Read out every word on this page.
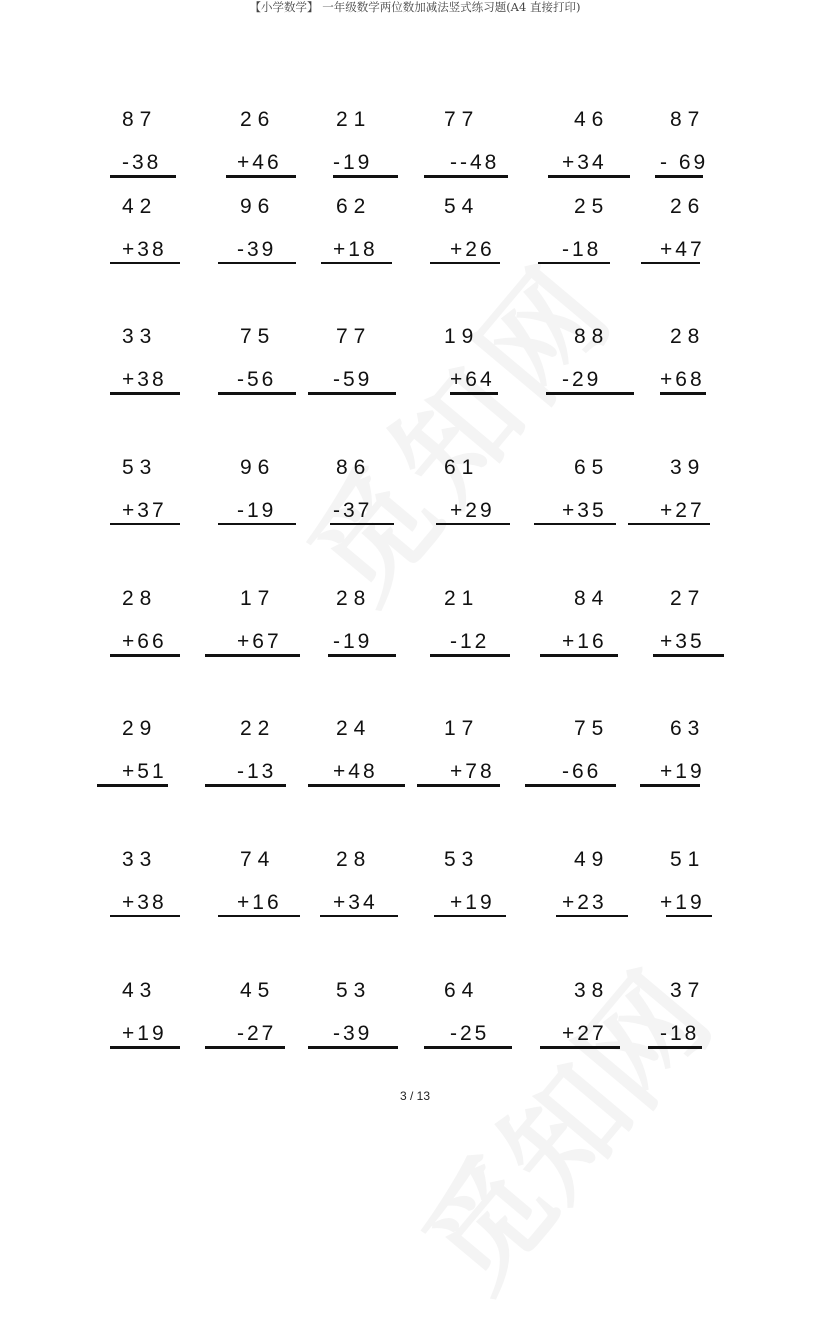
【小学数学】 一年级数学两位数加减法竖式练习题(A4 直接打印)
87
-38
26
+46
21
-19
77
--48
46
+34
87
- 69
42
+38
96
-39
62
+18
54
+26
25
-18
26
+47
33
+38
75
-56
77
-59
19
+64
88
-29
28
+68
53
+37
96
-19
86
-37
61
+29
65
+35
39
+27
28
+66
17
+67
28
-19
21
-12
84
+16
27
+35
29
+51
22
-13
24
+48
17
+78
75
-66
63
+19
33
+38
74
+16
28
+34
53
+19
49
+23
51
+19
43
+19
45
-27
53
-39
64
-25
38
+27
37
-18
3 / 13
